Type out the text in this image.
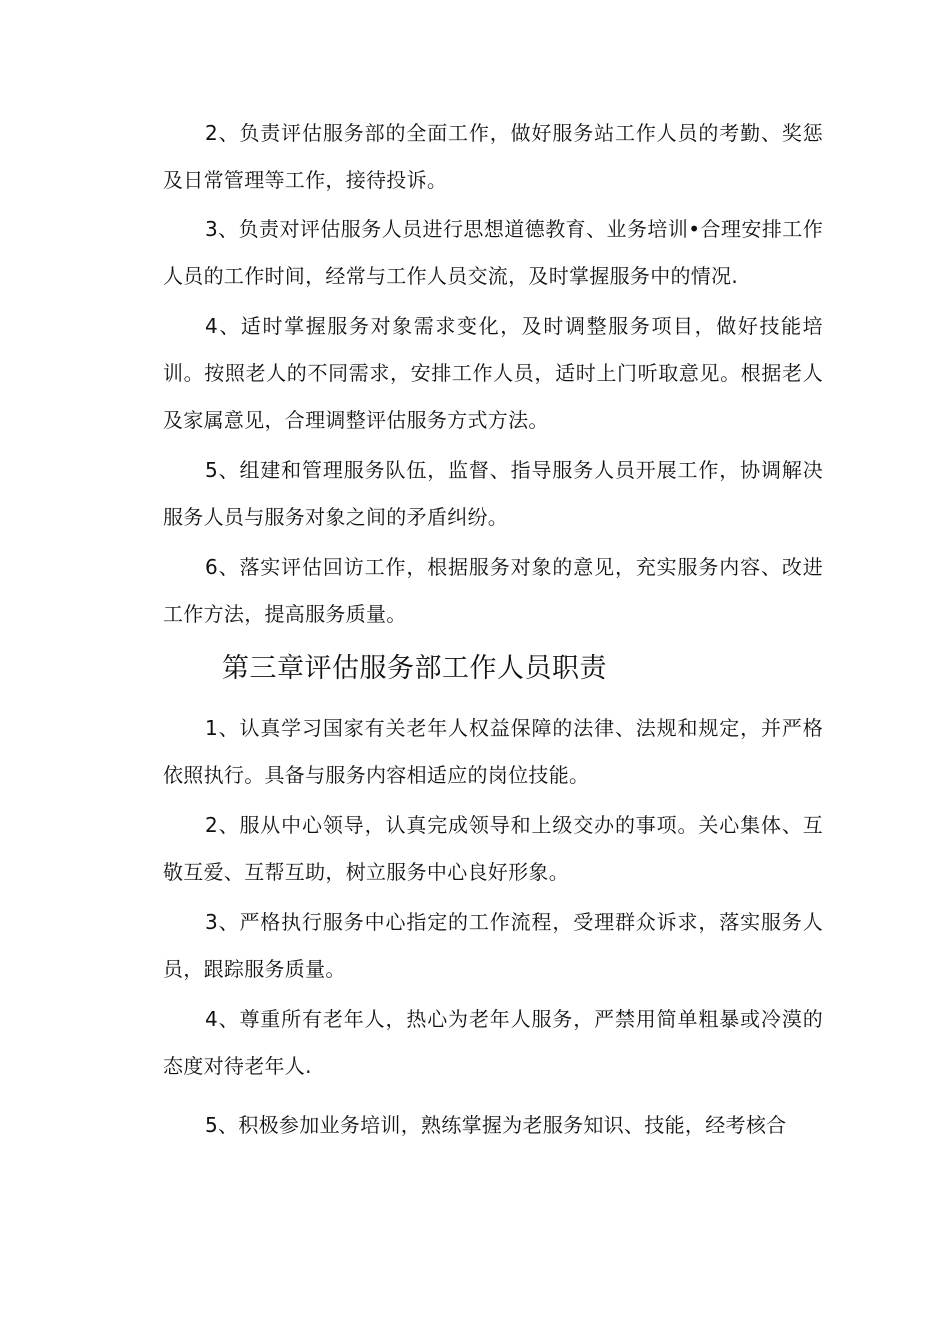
2、负责评估服务部的全面工作，做好服务站工作人员的考勤、奖惩及日常管理等工作，接待投诉。

3、负责对评估服务人员进行思想道德教育、业务培训•合理安排工作人员的工作时间，经常与工作人员交流，及时掌握服务中的情况.

4、适时掌握服务对象需求变化，及时调整服务项目，做好技能培训。按照老人的不同需求，安排工作人员，适时上门听取意见。根据老人及家属意见，合理调整评估服务方式方法。

5、组建和管理服务队伍，监督、指导服务人员开展工作，协调解决服务人员与服务对象之间的矛盾纠纷。

6、落实评估回访工作，根据服务对象的意见，充实服务内容、改进工作方法，提高服务质量。

第三章评估服务部工作人员职责

1、认真学习国家有关老年人权益保障的法律、法规和规定，并严格依照执行。具备与服务内容相适应的岗位技能。

2、服从中心领导，认真完成领导和上级交办的事项。关心集体、互敬互爱、互帮互助，树立服务中心良好形象。

3、严格执行服务中心指定的工作流程，受理群众诉求，落实服务人员，跟踪服务质量。

4、尊重所有老年人，热心为老年人服务，严禁用简单粗暴或冷漠的态度对待老年人.

5、积极参加业务培训，熟练掌握为老服务知识、技能，经考核合
